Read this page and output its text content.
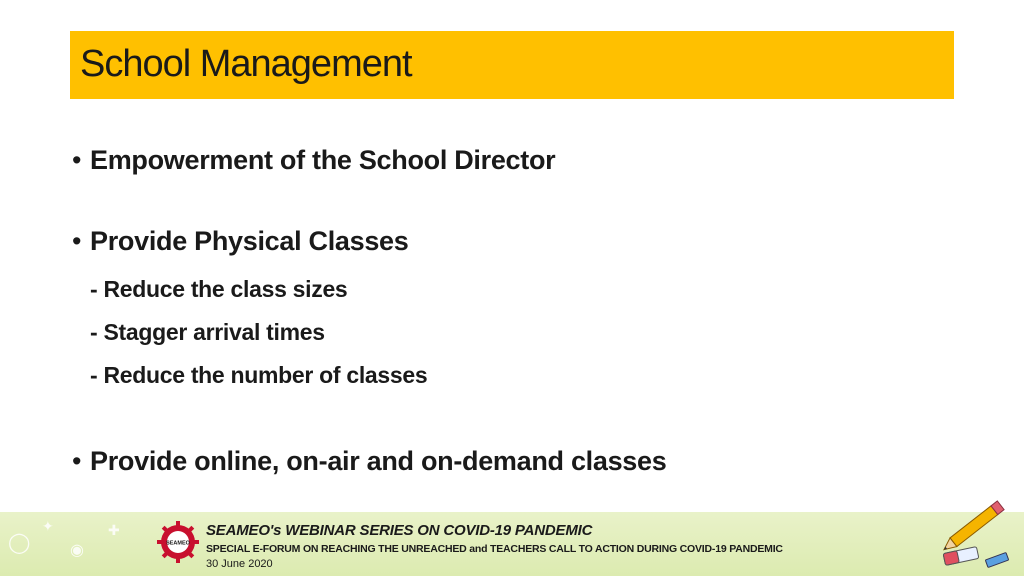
School Management
• Empowerment of the School Director
• Provide Physical Classes
- Reduce the class sizes
- Stagger arrival times
- Reduce the number of classes
• Provide online, on-air and on-demand classes
◯
✦
◉
✚
SEAMEO
SEAMEO's WEBINAR SERIES ON COVID-19 PANDEMIC
SPECIAL E-FORUM ON REACHING THE UNREACHED and TEACHERS CALL TO ACTION DURING COVID-19 PANDEMIC
30 June 2020
